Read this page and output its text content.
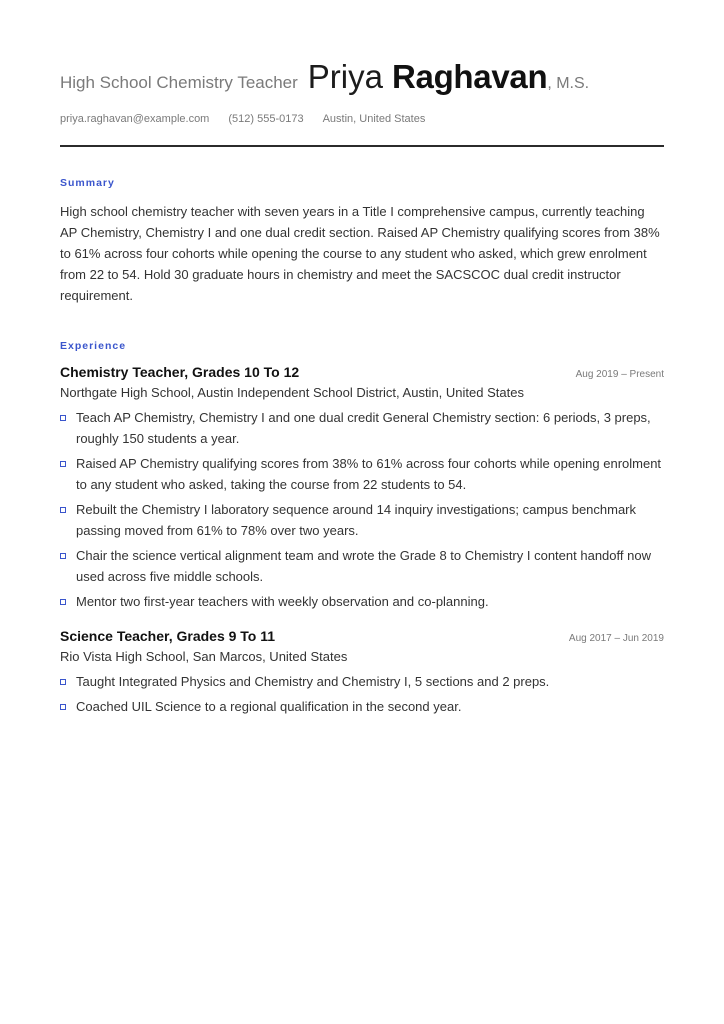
High School Chemistry Teacher Priya Raghavan , M.S.
priya.raghavan@example.com (512) 555-0173 Austin, United States
Summary
High school chemistry teacher with seven years in a Title I comprehensive campus, currently teaching AP Chemistry, Chemistry I and one dual credit section. Raised AP Chemistry qualifying scores from 38% to 61% across four cohorts while opening the course to any student who asked, which grew enrolment from 22 to 54. Hold 30 graduate hours in chemistry and meet the SACSCOC dual credit instructor requirement.
Experience
Chemistry Teacher, Grades 10 To 12	Aug 2019 – Present
Northgate High School, Austin Independent School District, Austin, United States
Teach AP Chemistry, Chemistry I and one dual credit General Chemistry section: 6 periods, 3 preps, roughly 150 students a year.
Raised AP Chemistry qualifying scores from 38% to 61% across four cohorts while opening enrolment to any student who asked, taking the course from 22 students to 54.
Rebuilt the Chemistry I laboratory sequence around 14 inquiry investigations; campus benchmark passing moved from 61% to 78% over two years.
Chair the science vertical alignment team and wrote the Grade 8 to Chemistry I content handoff now used across five middle schools.
Mentor two first-year teachers with weekly observation and co-planning.
Science Teacher, Grades 9 To 11	Aug 2017 – Jun 2019
Rio Vista High School, San Marcos, United States
Taught Integrated Physics and Chemistry and Chemistry I, 5 sections and 2 preps.
Coached UIL Science to a regional qualification in the second year.
